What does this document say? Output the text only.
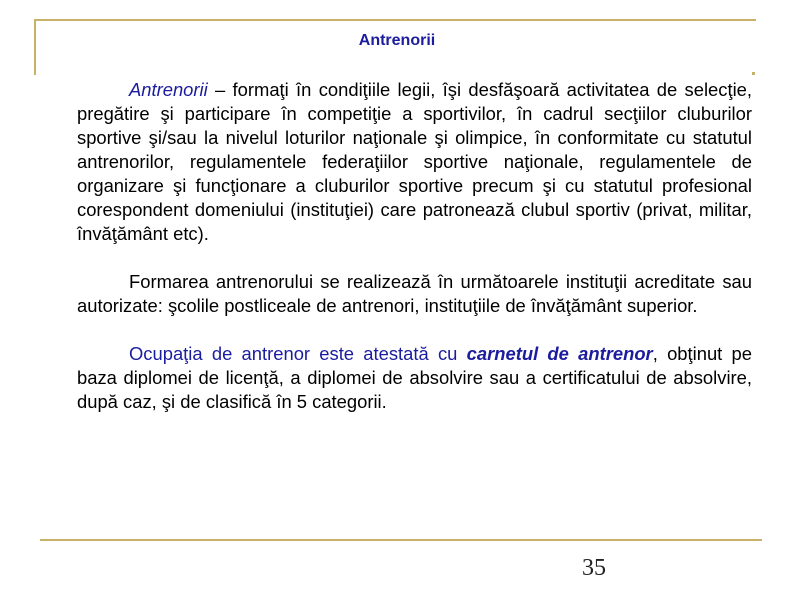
Antrenorii

Antrenorii – formaţi în condiţiile legii, îşi desfăşoară activitatea de selecţie, pregătire şi participare în competiţie a sportivilor, în cadrul secţiilor cluburilor sportive şi/sau la nivelul loturilor naţionale şi olimpice, în conformitate cu statutul antrenorilor, regulamentele federaţiilor sportive naţionale, regulamentele de organizare şi funcţionare a cluburilor sportive precum şi cu statutul profesional corespondent domeniului (instituţiei) care patronează clubul sportiv (privat, militar, învăţământ etc).

Formarea antrenorului se realizează în următoarele instituţii acreditate sau autorizate: şcolile postliceale de antrenori, instituţiile de învăţământ superior.

Ocupaţia de antrenor este atestată cu carnetul de antrenor, obţinut pe baza diplomei de licenţă, a diplomei de absolvire sau a certificatului de absolvire, după caz, şi de clasifică în 5 categorii.

35
